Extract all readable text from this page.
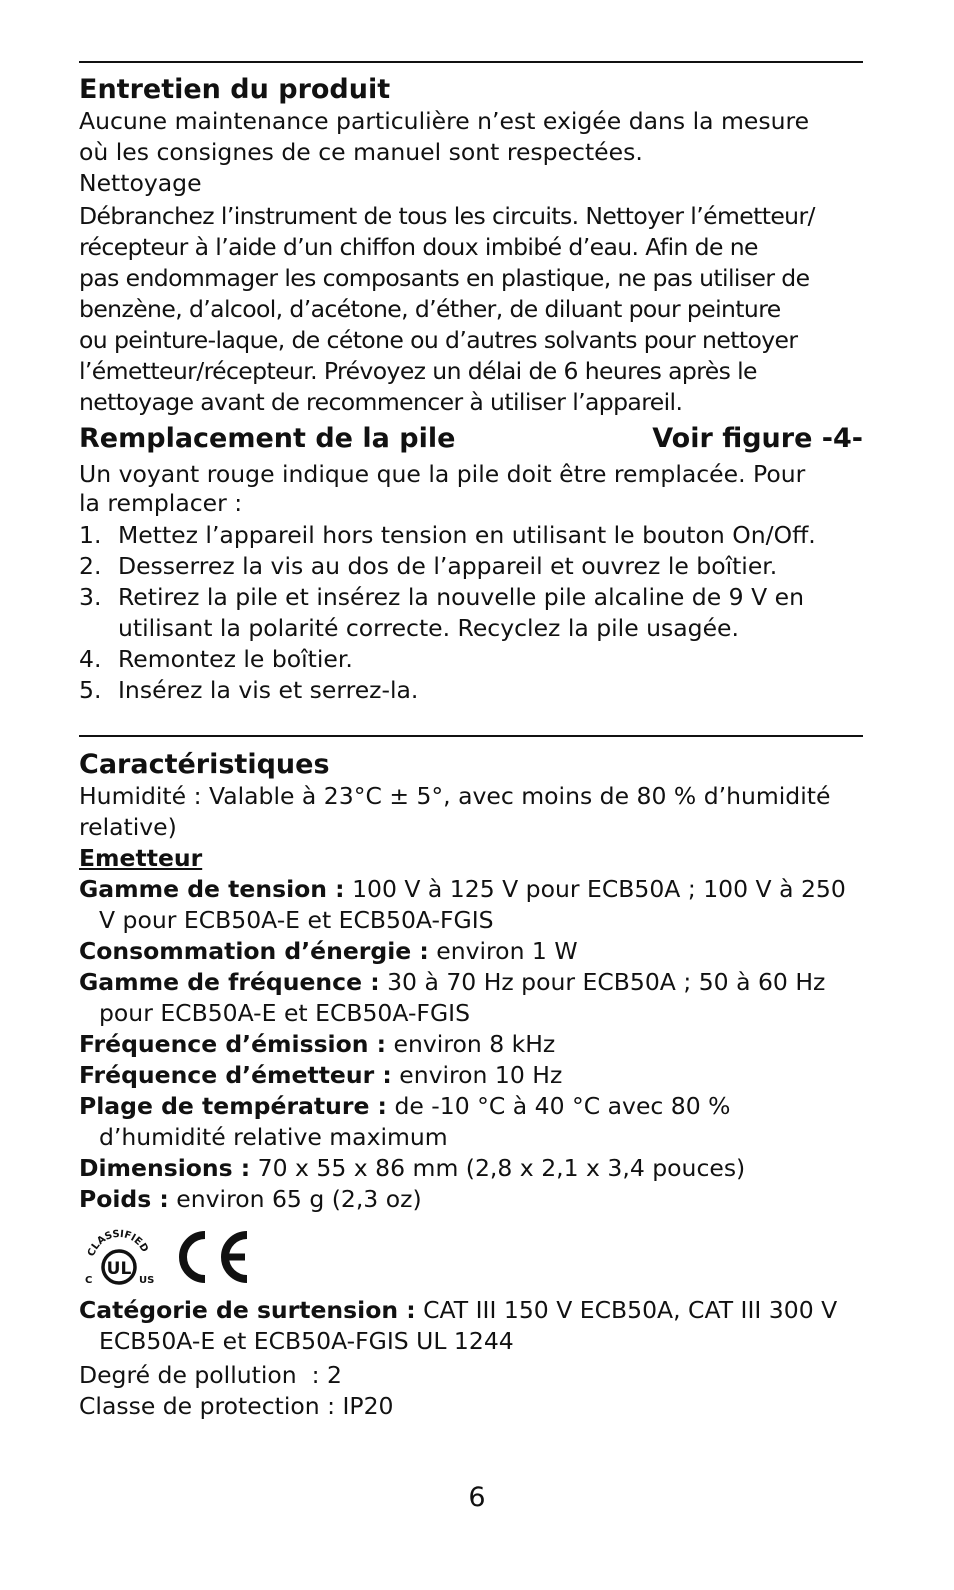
Entretien du produit

Aucune maintenance particulière n’est exigée dans la mesure

où les consignes de ce manuel sont respectées.

Nettoyage

Débranchez l’instrument de tous les circuits. Nettoyer l’émetteur/

récepteur à l’aide d’un chiffon doux imbibé d’eau. Afin de ne

pas endommager les composants en plastique, ne pas utiliser de

benzène, d’alcool, d’acétone, d’éther, de diluant pour peinture

ou peinture-laque, de cétone ou d’autres solvants pour nettoyer

l’émetteur/récepteur. Prévoyez un délai de 6 heures après le

nettoyage avant de recommencer à utiliser l’appareil.

Remplacement de la pile	Voir figure -4-

Un voyant rouge indique que la pile doit être remplacée. Pour

la remplacer :

1. Mettez l’appareil hors tension en utilisant le bouton On/Off.
2. Desserrez la vis au dos de l’appareil et ouvrez le boîtier.
3. Retirez la pile et insérez la nouvelle pile alcaline de 9 V en utilisant la polarité correcte. Recyclez la pile usagée.
4. Remontez le boîtier.
5. Insérez la vis et serrez-la.
Caractéristiques

Humidité : Valable à 23°C ± 5°, avec moins de 80 % d’humidité relative)

Emetteur

Gamme de tension : 100 V à 125 V pour ECB50A ; 100 V à 250 V pour ECB50A-E et ECB50A-FGIS

Consommation d’énergie : environ 1 W

Gamme de fréquence : 30 à 70 Hz pour ECB50A ; 50 à 60 Hz pour ECB50A-E et ECB50A-FGIS

Fréquence d’émission : environ 8 kHz

Fréquence d’émetteur : environ 10 Hz

Plage de température : de -10 °C à 40 °C avec 80 % d’humidité relative maximum

Dimensions : 70 x 55 x 86 mm (2,8 x 2,1 x 3,4 pouces)

Poids : environ 65 g (2,3 oz)

CLASSIFIED
UL
C	US

Catégorie de surtension : CAT III 150 V ECB50A, CAT III 300 V ECB50A-E et ECB50A-FGIS UL 1244

Degré de pollution  : 2

Classe de protection : IP20

6
